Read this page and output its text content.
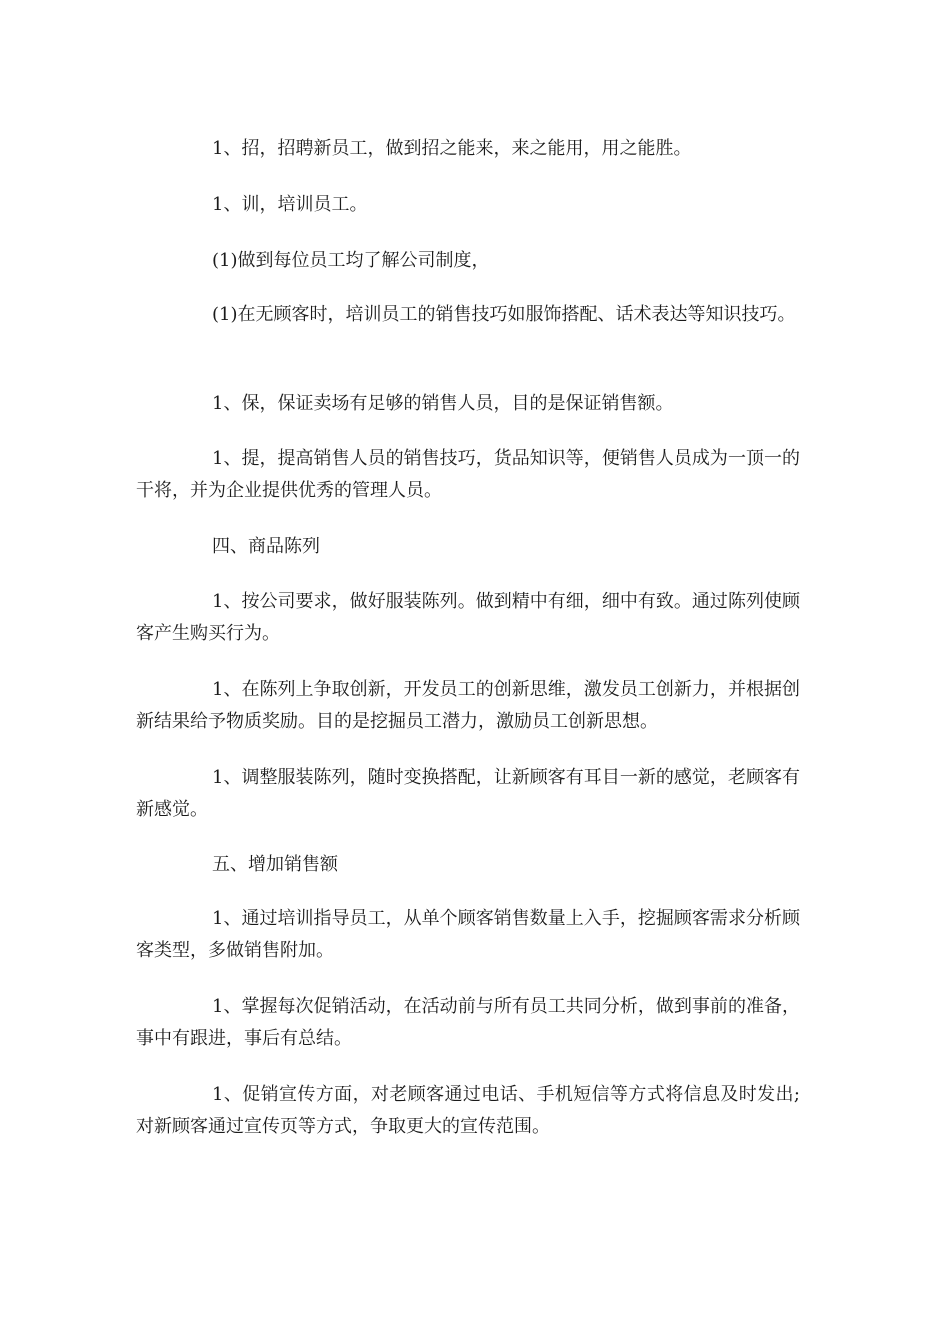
1、招，招聘新员工，做到招之能来，来之能用，用之能胜。

1、训，培训员工。

(1)做到每位员工均了解公司制度，

(1)在无顾客时，培训员工的销售技巧如服饰搭配、话术表达等知识技巧。

1、保，保证卖场有足够的销售人员，目的是保证销售额。

1、提，提高销售人员的销售技巧，货品知识等，便销售人员成为一顶一的干将，并为企业提供优秀的管理人员。

四、商品陈列

1、按公司要求，做好服装陈列。做到精中有细，细中有致。通过陈列使顾客产生购买行为。

1、在陈列上争取创新，开发员工的创新思维，激发员工创新力，并根据创新结果给予物质奖励。目的是挖掘员工潜力，激励员工创新思想。

1、调整服装陈列，随时变换搭配，让新顾客有耳目一新的感觉，老顾客有新感觉。

五、增加销售额

1、通过培训指导员工，从单个顾客销售数量上入手，挖掘顾客需求分析顾客类型，多做销售附加。

1、掌握每次促销活动，在活动前与所有员工共同分析，做到事前的准备，事中有跟进，事后有总结。

1、促销宣传方面，对老顾客通过电话、手机短信等方式将信息及时发出;对新顾客通过宣传页等方式，争取更大的宣传范围。
